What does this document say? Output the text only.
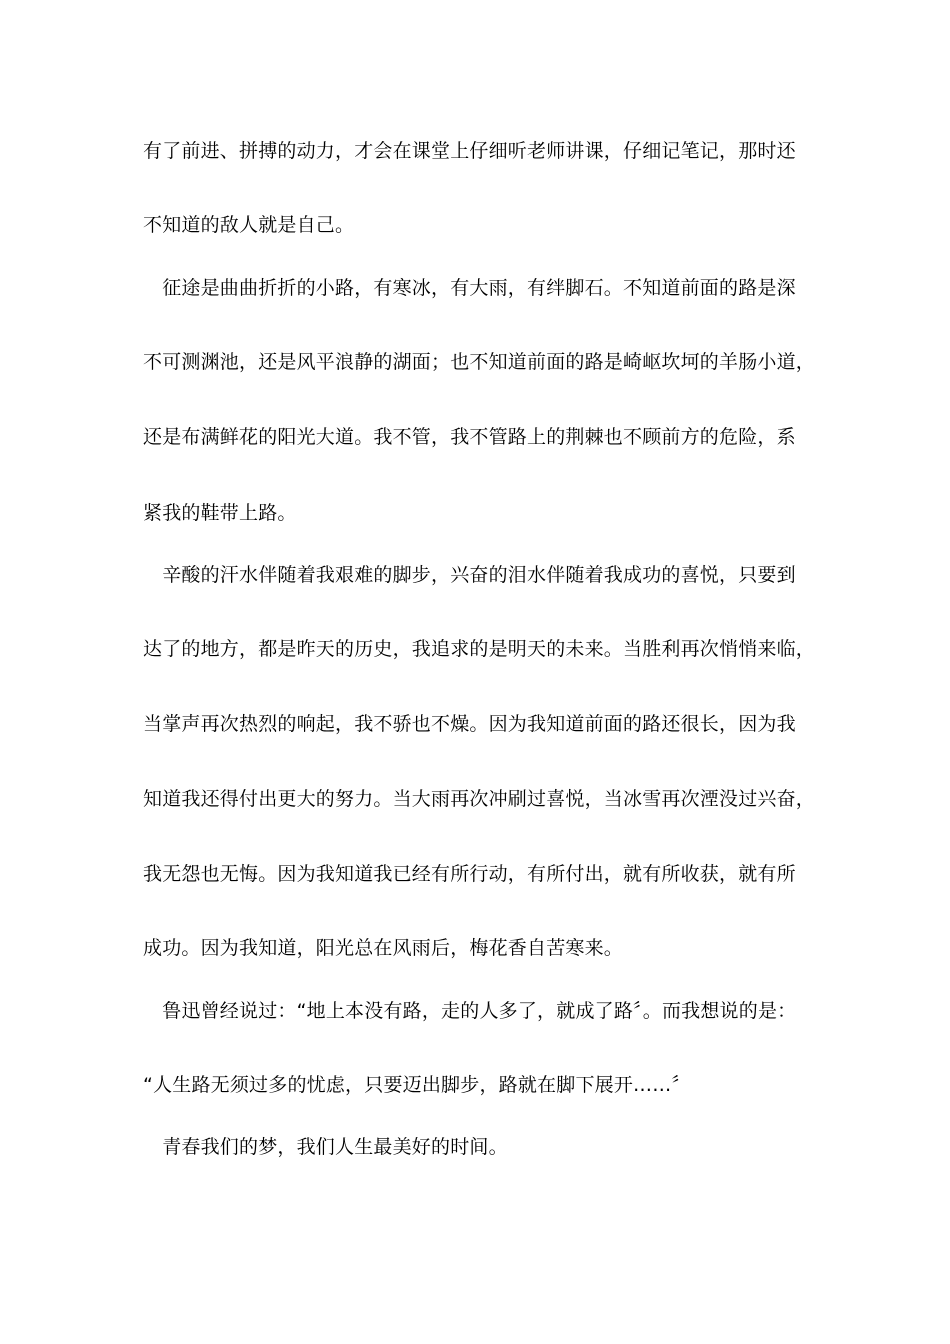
有了前进、拼搏的动力，才会在课堂上仔细听老师讲课，仔细记笔记，那时还
不知道的敌人就是自己。
　征途是曲曲折折的小路，有寒冰，有大雨，有绊脚石。不知道前面的路是深
不可测渊池，还是风平浪静的湖面；也不知道前面的路是崎岖坎坷的羊肠小道，
还是布满鲜花的阳光大道。我不管，我不管路上的荆棘也不顾前方的危险，系
紧我的鞋带上路。
　辛酸的汗水伴随着我艰难的脚步，兴奋的泪水伴随着我成功的喜悦，只要到
达了的地方，都是昨天的历史，我追求的是明天的未来。当胜利再次悄悄来临，
当掌声再次热烈的响起，我不骄也不燥。因为我知道前面的路还很长，因为我
知道我还得付出更大的努力。当大雨再次冲刷过喜悦，当冰雪再次湮没过兴奋，
我无怨也无悔。因为我知道我已经有所行动，有所付出，就有所收获，就有所
成功。因为我知道，阳光总在风雨后，梅花香自苦寒来。
　鲁迅曾经说过：“地上本没有路，走的人多了，就成了路〞。而我想说的是：
“人生路无须过多的忧虑，只要迈出脚步，路就在脚下展开……〞
　青春我们的梦，我们人生最美好的时间。
